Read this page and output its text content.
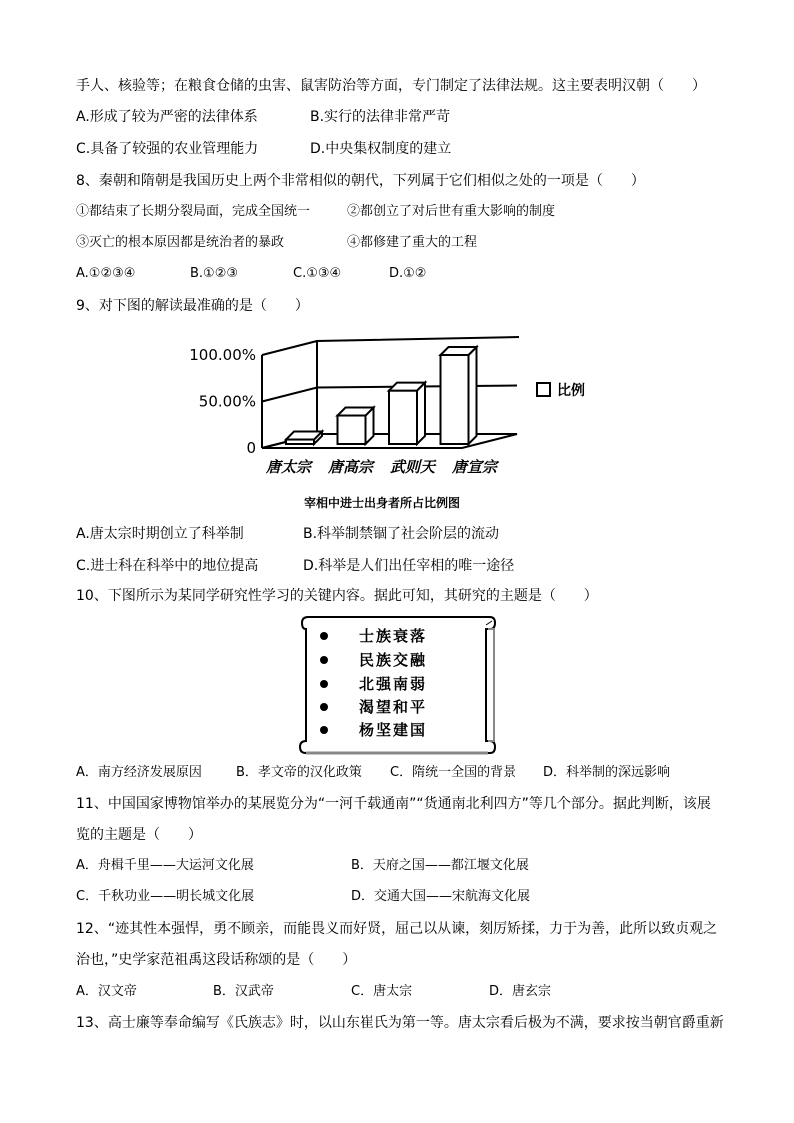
手人、核验等；在粮食仓储的虫害、鼠害防治等方面，专门制定了法律法规。这主要表明汉朝（　　）
A.形成了较为严密的法律体系	B.实行的法律非常严苛
C.具备了较强的农业管理能力	D.中央集权制度的建立
8、秦朝和隋朝是我国历史上两个非常相似的朝代，下列属于它们相似之处的一项是（　　）
①都结束了长期分裂局面，完成全国统一	②都创立了对后世有重大影响的制度
③灭亡的根本原因都是统治者的暴政	④都修建了重大的工程
A.①②③④	B.①②③	C.①③④	D.①②
9、对下图的解读最准确的是（　　）
0
50.00%
100.00%
唐太宗 唐高宗 武则天 唐宣宗
比例
宰相中进士出身者所占比例图
A.唐太宗时期创立了科举制	B.科举制禁锢了社会阶层的流动
C.进士科在科举中的地位提高	D.科举是人们出任宰相的唯一途径
10、下图所示为某同学研究性学习的关键内容。据此可知，其研究的主题是（　　）
士族衰落
民族交融
北强南弱
渴望和平
杨坚建国
A．南方经济发展原因	B．孝文帝的汉化政策 C．隋统一全国的背景 D．科举制的深远影响
11、中国国家博物馆举办的某展览分为“一河千载通南”“货通南北利四方”等几个部分。据此判断，该展
览的主题是（　　）
A．舟楫千里——大运河文化展	B．天府之国——都江堰文化展
C．千秋功业——明长城文化展	D．交通大国——宋航海文化展
12、“迹其性本强悍，勇不顾亲，而能畏义而好贤，屈己以从谏，刻厉矫揉，力于为善，此所以致贞观之
治也，”史学家范祖禹这段话称颂的是（　　）
A．汉文帝	B．汉武帝	C．唐太宗	D．唐玄宗
13、高士廉等奉命编写《氏族志》时，以山东崔氏为第一等。唐太宗看后极为不满，要求按当朝官爵重新
